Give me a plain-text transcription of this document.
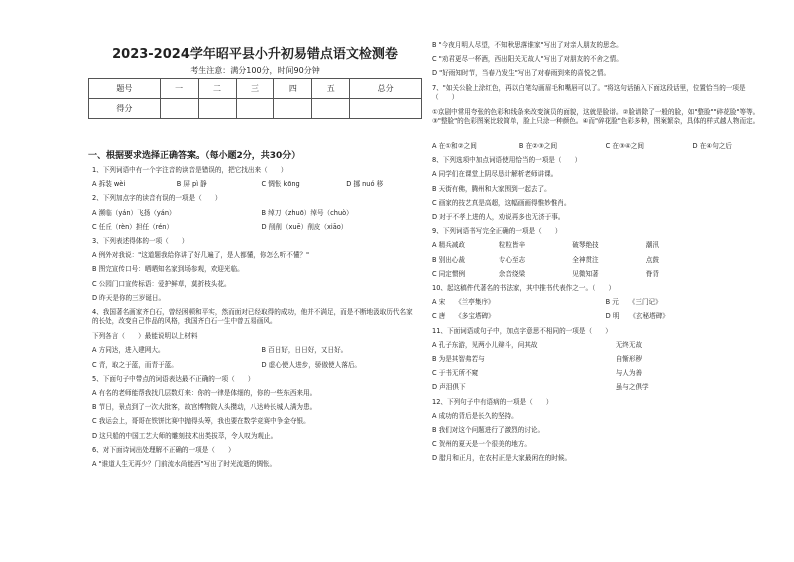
2023-2024学年昭平县小升初易错点语文检测卷
考生注意：满分100分，时间90分钟
题号	一	二	三	四	五	总分
得分						
一、根据要求选择正确答案。（每小题2分，共30分）
1、下列词语中有一个字注音的读音是错误的，把它找出来（　　）
A 拆装 wèi	B 屏 pì 静	C 惆怅 kōng	D 挪 nuó 移
2、下列加点字的读音有误的一项是（　　）
A 濒临（yán）飞扬（yán）	B 绰刀（zhuō）绰号（chuò）
C 任丘（rèn）担任（rén）	D 削削（xuē）削皮（xiāo）
3、下列表述得体的一项（　　）
A 例外对我说："这道题我给你讲了好几遍了，是人都懂，你怎么听不懂？"
B 图完宣传口号：晒晒知名家到场参观，欢迎光临。
C 公园门口宣传标语：爱护鲜草，莫折枝头花。
D 昨天是你的三岁诞日。
4、我国著名画家齐白石，曾经困顿和平实，然而面对已经取得的成功，他并不满足，而是不断地汲取历代名家的长处，改变自己作品的风格，我国齐白石一生中曾五易画风。
下列各言（　　）最能说明以上材料
A 方同达，进入建网大。	B 百日好，日日好，又日好。
C 青，取之于蓝，而青于蓝。	D 虚心使人进步，骄傲使人落后。
5、下面句子中带点的词语表达最不正确的一项（　　）
A 有名的老师能帮我找几层数灯来：你的一律是体细的，你的一些东西来用。
B 节日，景点到了一次大批客，故宫博物院人头攒动，八达岭长城人满为患。
C 我运会上，哥哥在铁饼比赛中抛得头筹，我也要在数学竞赛中争金夺银。
D 这只船的中国工艺大师的雕刻技术出类拔萃，令人叹为观止。
6、对下面诗词出处理解不正确的一项是（　　）
A "谁道人生无再少？门前流水尚能西"写出了时光流逝的惆怅。
B "今夜月明人尽望，不知秋思落谁家"写出了对亲人朋友的思念。
C "劝君更尽一杯酒，西出阳关无故人"写出了对朋友的不舍之情。
D "好雨知时节，当春乃发生"写出了对春雨到来的喜悦之情。
7、"如关公脸上涂红色，再以白笔勾画眉毛和嘴唇可以了。"将这句话插入下面这段话里，位置恰当的一项是（　　）
①京剧中常用夸张的色彩和线条来改变演员的面貌，这就是脸谱。②脸谱除了一般的脸，如"整脸""碎花脸"等等。③"整脸"的色彩图案比较简单，脸上只涂一种颜色。④而"碎花脸"色彩多种，图案繁杂，具体的样式越人物而定。
A 在①和②之间	B 在②③之间	C 在③④之间	D 在④句之后
8、下列选项中加点词语使用恰当的一项是（　　）
A 同学们在课堂上阴尽恳计解析老师讲课。
B 天街有佛，腾州和大家围到一起去了。
C 画家的技艺真是高超，这幅画画得惟妙惟肖。
D 对于不孝上进的人，劝说再多也无济于事。
9、下列词语书写完全正确的一项是（　　）
A 精兵减政	粒粒皆辛	破琴绝技	潮汛
B 别出心裁	专心至志	全神贯注	点鼓
C 同定惯例	余音绕梁	见微知著	脊背
10、起这稿件代著名的书法家，其中推书代表作之一。（　　）
A 宋　　《兰亭集序》	B 元　　《三门记》
C 唐　　《多宝塔碑》	D 明　　《玄秘塔碑》
11、下面词语或句子中，加点字意思不相同的一项是（　　）
A 孔子东游，见两小儿辩斗，问其故	无终无故
B 为是其智弗若与	自惭形秽
C 于书无所不窥	与人为善
D 声泪俱下	虽与之俱学
12、下列句子中有语病的一项是（　　）
A 成功的背后是长久的坚持。
B 我们对这个问题进行了激烈的讨论。
C 贺州的夏天是一个很美的地方。
D 腊月和正月，在农村正是大家最闲在的时候。
